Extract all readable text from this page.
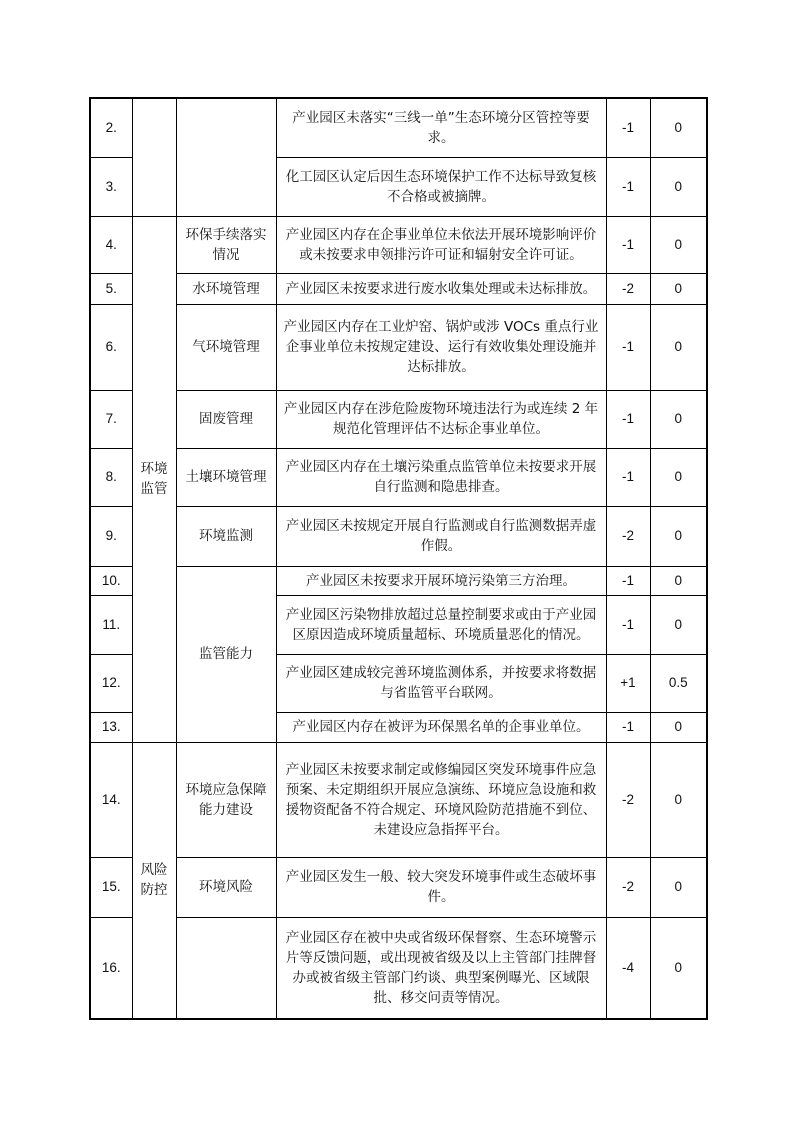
2.			产业园区未落实“三线一单”生态环境分区管控等要求。	-1	0
3.			化工园区认定后因生态环境保护工作不达标导致复核不合格或被摘牌。	-1	0
4.	环境监管	环保手续落实情况	产业园区内存在企事业单位未依法开展环境影响评价或未按要求申领排污许可证和辐射安全许可证。	-1	0
5.		水环境管理	产业园区未按要求进行废水收集处理或未达标排放。	-2	0
6.		气环境管理	产业园区内存在工业炉窑、锅炉或涉 VOCs 重点行业企事业单位未按规定建设、运行有效收集处理设施并达标排放。	-1	0
7.		固废管理	产业园区内存在涉危险废物环境违法行为或连续 2 年规范化管理评估不达标企事业单位。	-1	0
8.		土壤环境管理	产业园区内存在土壤污染重点监管单位未按要求开展自行监测和隐患排查。	-1	0
9.		环境监测	产业园区未按规定开展自行监测或自行监测数据弄虚作假。	-2	0
10.		监管能力	产业园区未按要求开展环境污染第三方治理。	-1	0
11.			产业园区污染物排放超过总量控制要求或由于产业园区原因造成环境质量超标、环境质量恶化的情况。	-1	0
12.			产业园区建成较完善环境监测体系，并按要求将数据与省监管平台联网。	+1	0.5
13.			产业园区内存在被评为环保黑名单的企事业单位。	-1	0
14.	风险防控	环境应急保障能力建设	产业园区未按要求制定或修编园区突发环境事件应急预案、未定期组织开展应急演练、环境应急设施和救援物资配备不符合规定、环境风险防范措施不到位、未建设应急指挥平台。	-2	0
15.		环境风险	产业园区发生一般、较大突发环境事件或生态破坏事件。	-2	0
16.			产业园区存在被中央或省级环保督察、生态环境警示片等反馈问题，或出现被省级及以上主管部门挂牌督办或被省级主管部门约谈、典型案例曝光、区域限批、移交问责等情况。	-4	0
